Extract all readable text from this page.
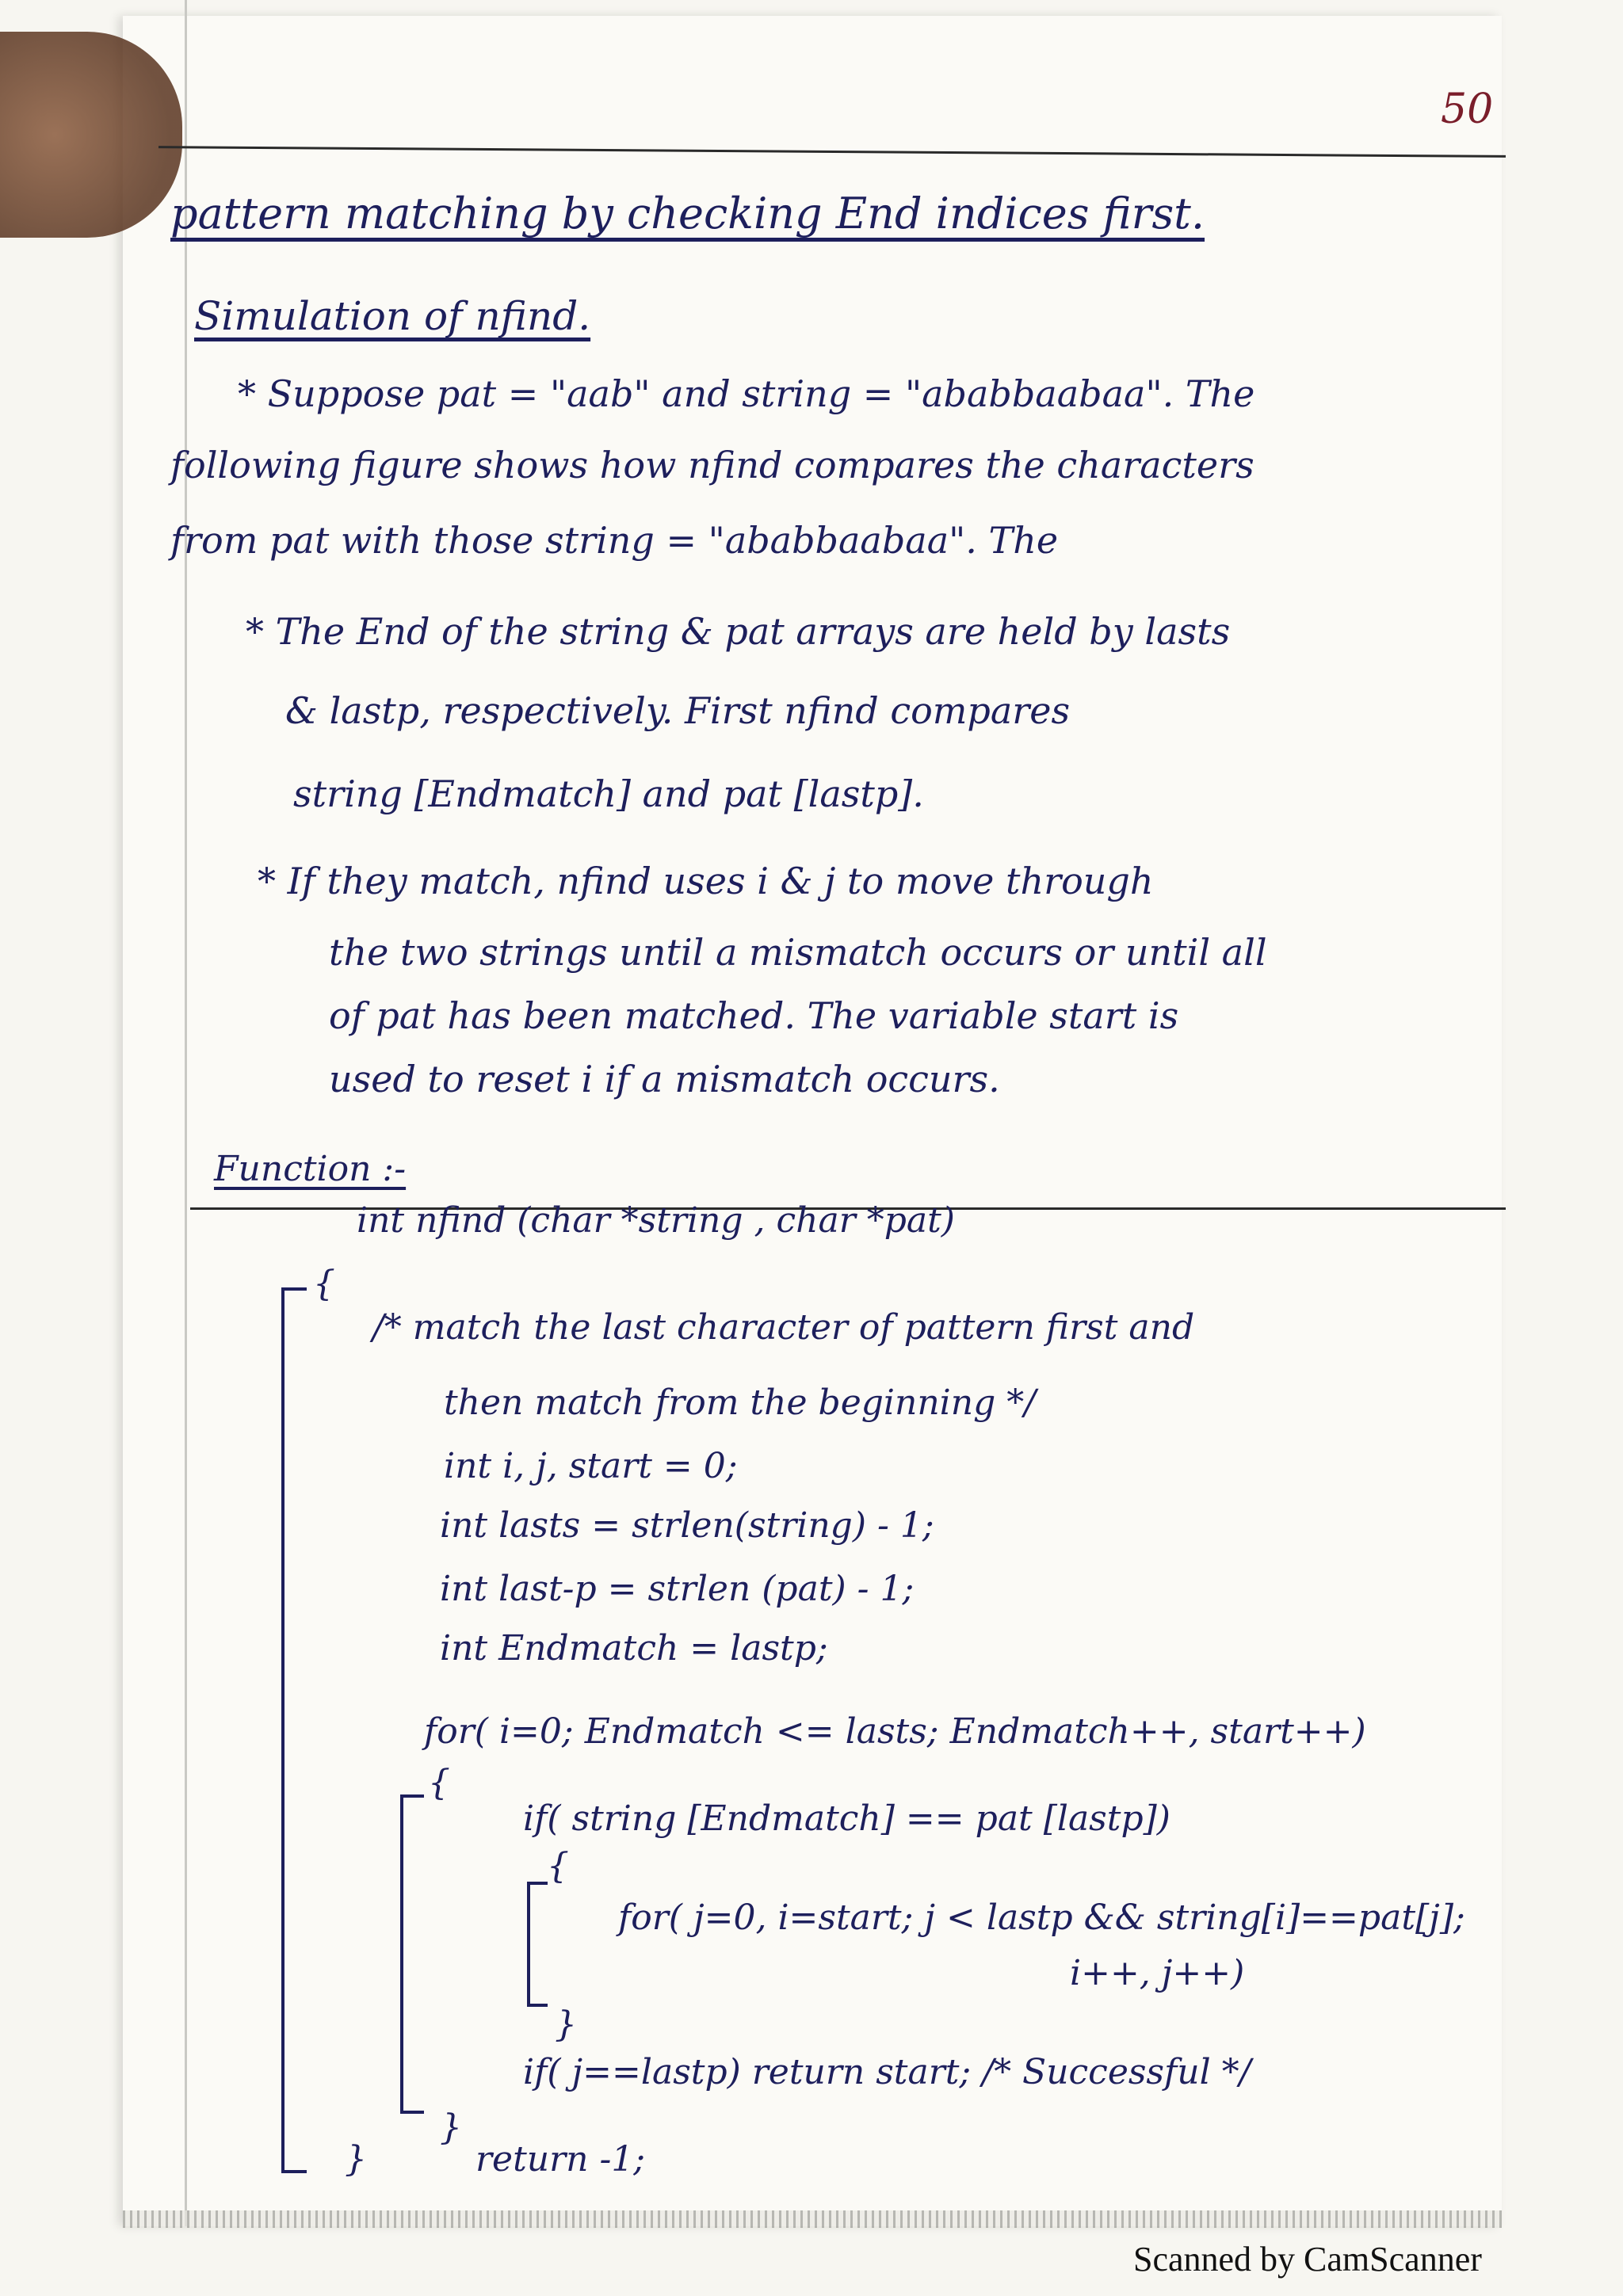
50
pattern matching by checking End indices first.
Simulation of nfind.
* Suppose pat = "aab" and string = "ababbaabaa". The
following figure shows how nfind compares the characters
from pat with those string = "ababbaabaa". The
* The End of the string & pat arrays are held by lasts
& lastp, respectively. First nfind compares
string [Endmatch] and pat [lastp].
* If they match, nfind uses i & j to move through
the two strings until a mismatch occurs or until all
of pat has been matched. The variable start is
used to reset i if a mismatch occurs.
Function :-
int nfind (char *string , char *pat)
{
/* match the last character of pattern first and
then match from the beginning */
int i, j, start = 0;
int lasts = strlen(string) - 1;
int last-p = strlen (pat) - 1;
int Endmatch = lastp;
for( i=0; Endmatch <= lasts; Endmatch++, start++)
{
if( string [Endmatch] == pat [lastp])
{
for( j=0, i=start; j < lastp && string[i]==pat[j];
i++, j++)
}
if( j==lastp) return start; /* Successful */
}
return -1;
}
Scanned by CamScanner
